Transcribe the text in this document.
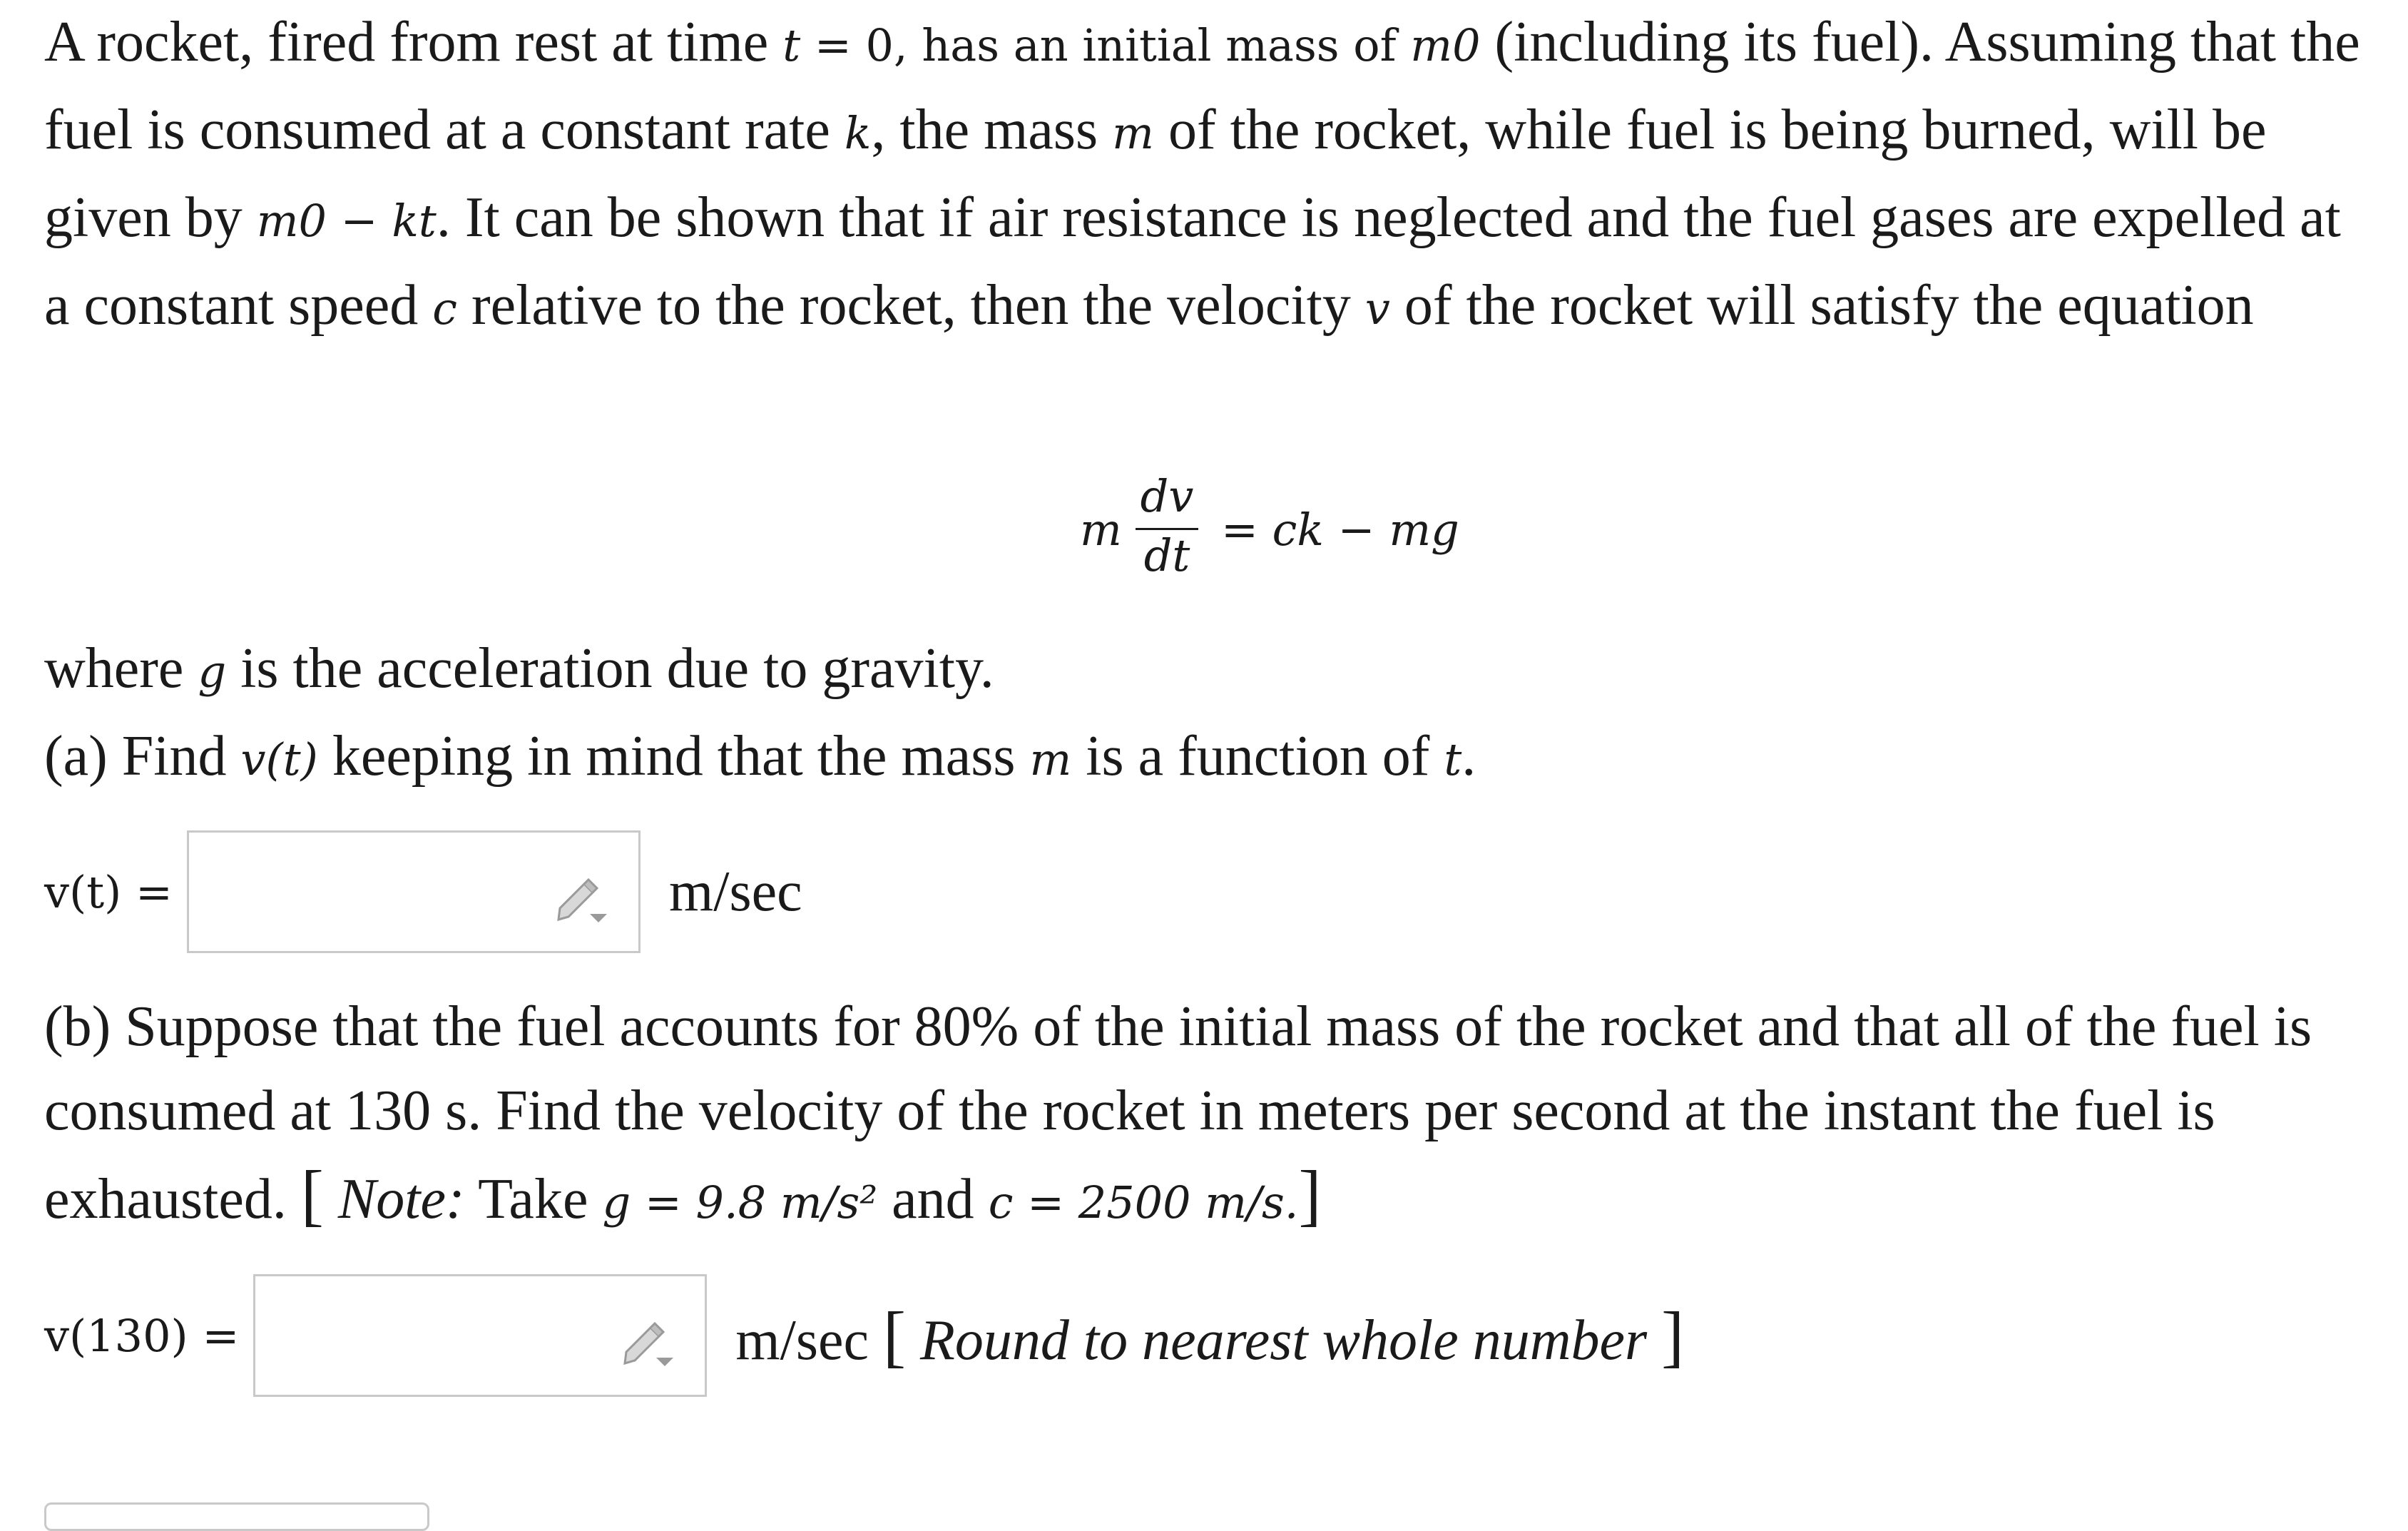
A rocket, fired from rest at time t = 0, has an initial mass of m0 (including its fuel). Assuming that the fuel is consumed at a constant rate k, the mass m of the rocket, while fuel is being burned, will be given by m0 − kt. It can be shown that if air resistance is neglected and the fuel gases are expelled at a constant speed c relative to the rocket, then the velocity v of the rocket will satisfy the equation

m
dv
dt = ck − mg

where g is the acceleration due to gravity.
(a) Find v(t) keeping in mind that the mass m is a function of t.

v(t) =	m/sec

(b) Suppose that the fuel accounts for 80% of the initial mass of the rocket and that all of the fuel is consumed at 130 s. Find the velocity of the rocket in meters per second at the instant the fuel is exhausted. [ Note: Take g = 9.8 m/s² and c = 2500 m/s.]

v(130) =	m/sec [ Round to nearest whole number ]
